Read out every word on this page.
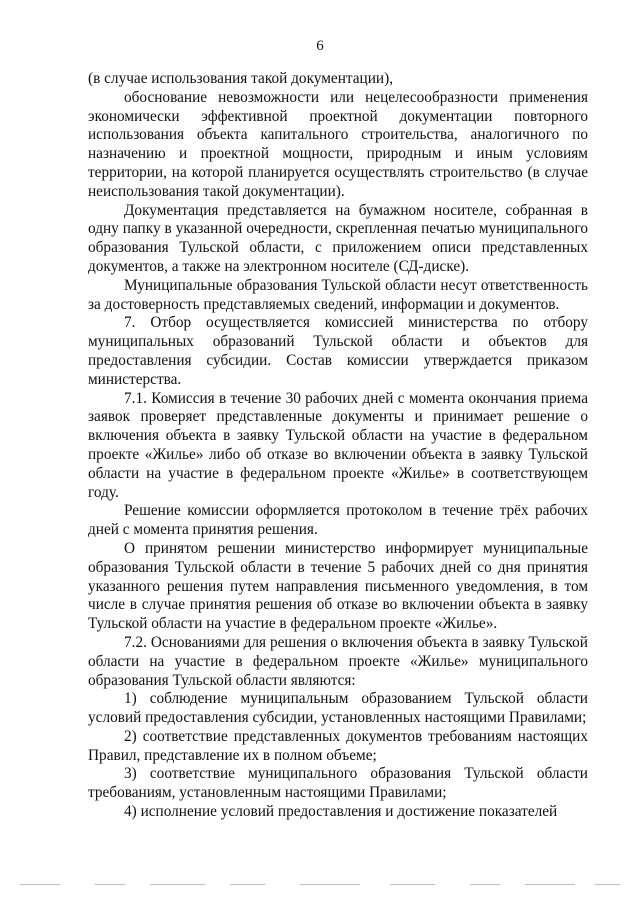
6

(в случае использования такой документации),

обоснование невозможности или нецелесообразности применения экономически эффективной проектной документации повторного использования объекта капитального строительства, аналогичного по назначению и проектной мощности, природным и иным условиям территории, на которой планируется осуществлять строительство (в случае неиспользования такой документации).

Документация представляется на бумажном носителе, собранная в одну папку в указанной очередности, скрепленная печатью муниципального образования Тульской области, с приложением описи представленных документов, а также на электронном носителе (СД-диске).

Муниципальные образования Тульской области несут ответственность за достоверность представляемых сведений, информации и документов.

7. Отбор осуществляется комиссией министерства по отбору муниципальных образований Тульской области и объектов для предоставления субсидии. Состав комиссии утверждается приказом министерства.

7.1. Комиссия в течение 30 рабочих дней с момента окончания приема заявок проверяет представленные документы и принимает решение о включения объекта в заявку Тульской области на участие в федеральном проекте «Жилье» либо об отказе во включении объекта в заявку Тульской области на участие в федеральном проекте «Жилье» в соответствующем году.

Решение комиссии оформляется протоколом в течение трёх рабочих дней с момента принятия решения.

О принятом решении министерство информирует муниципальные образования Тульской области в течение 5 рабочих дней со дня принятия указанного решения путем направления письменного уведомления, в том числе в случае принятия решения об отказе во включении объекта в заявку Тульской области на участие в федеральном проекте «Жилье».

7.2. Основаниями для решения о включения объекта в заявку Тульской области на участие в федеральном проекте «Жилье» муниципального образования Тульской области являются:

1) соблюдение муниципальным образованием Тульской области условий предоставления субсидии, установленных настоящими Правилами;

2) соответствие представленных документов требованиям настоящих Правил, представление их в полном объеме;

3) соответствие муниципального образования Тульской области требованиям, установленным настоящими Правилами;

4) исполнение условий предоставления и достижение показателей
